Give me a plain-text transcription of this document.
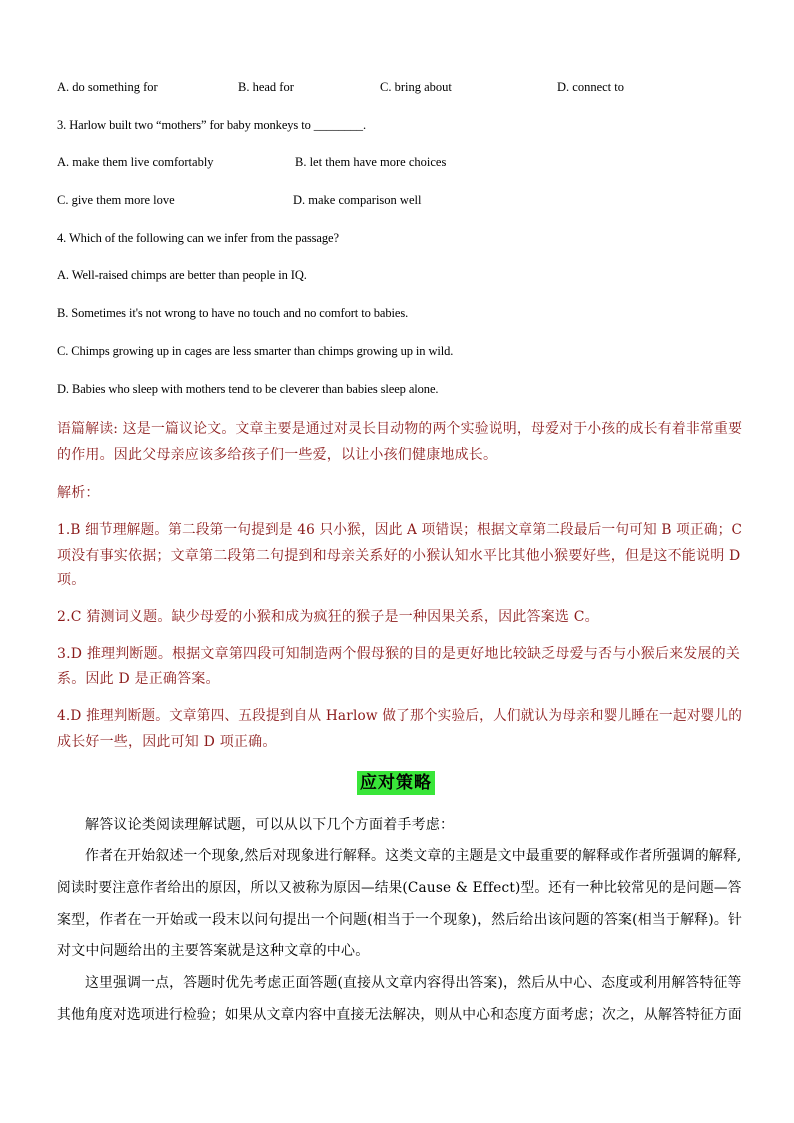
A. do something for	B. head for	C. bring about	D. connect to
3. Harlow built two “mothers” for baby monkeys to ________.
A. make them live comfortably	B. let them have more choices
C. give them more love	D. make comparison well
4. Which of the following can we infer from the passage?
A. Well-raised chimps are better than people in IQ.
B. Sometimes it's not wrong to have no touch and no comfort to babies.
C. Chimps growing up in cages are less smarter than chimps growing up in wild.
D. Babies who sleep with mothers tend to be cleverer than babies sleep alone.
语篇解读: 这是一篇议论文。文章主要是通过对灵长目动物的两个实验说明，母爱对于小孩的成长有着非常重要
的作用。因此父母亲应该多给孩子们一些爱，以让小孩们健康地成长。
解析：
1.B 细节理解题。第二段第一句提到是 46 只小猴，因此 A 项错误；根据文章第二段最后一句可知 B 项正确；C
项没有事实依据；文章第二段第二句提到和母亲关系好的小猴认知水平比其他小猴要好些，但是这不能说明 D
项。
2.C 猜测词义题。缺少母爱的小猴和成为疯狂的猴子是一种因果关系，因此答案选 C。
3.D 推理判断题。根据文章第四段可知制造两个假母猴的目的是更好地比较缺乏母爱与否与小猴后来发展的关
系。因此 D 是正确答案。
4.D 推理判断题。文章第四、五段提到自从 Harlow 做了那个实验后，人们就认为母亲和婴儿睡在一起对婴儿的
成长好一些，因此可知 D 项正确。
应对策略
解答议论类阅读理解试题，可以从以下几个方面着手考虑：
作者在开始叙述一个现象,然后对现象进行解释。这类文章的主题是文中最重要的解释或作者所强调的解释,
阅读时要注意作者给出的原因，所以又被称为原因—结果(Cause & Effect)型。还有一种比较常见的是问题—答
案型，作者在一开始或一段末以问句提出一个问题(相当于一个现象)，然后给出该问题的答案(相当于解释)。针
对文中问题给出的主要答案就是这种文章的中心。
这里强调一点，答题时优先考虑正面答题(直接从文章内容得出答案)，然后从中心、态度或利用解答特征等
其他角度对选项进行检验；如果从文章内容中直接无法解决，则从中心和态度方面考虑；次之，从解答特征方面
